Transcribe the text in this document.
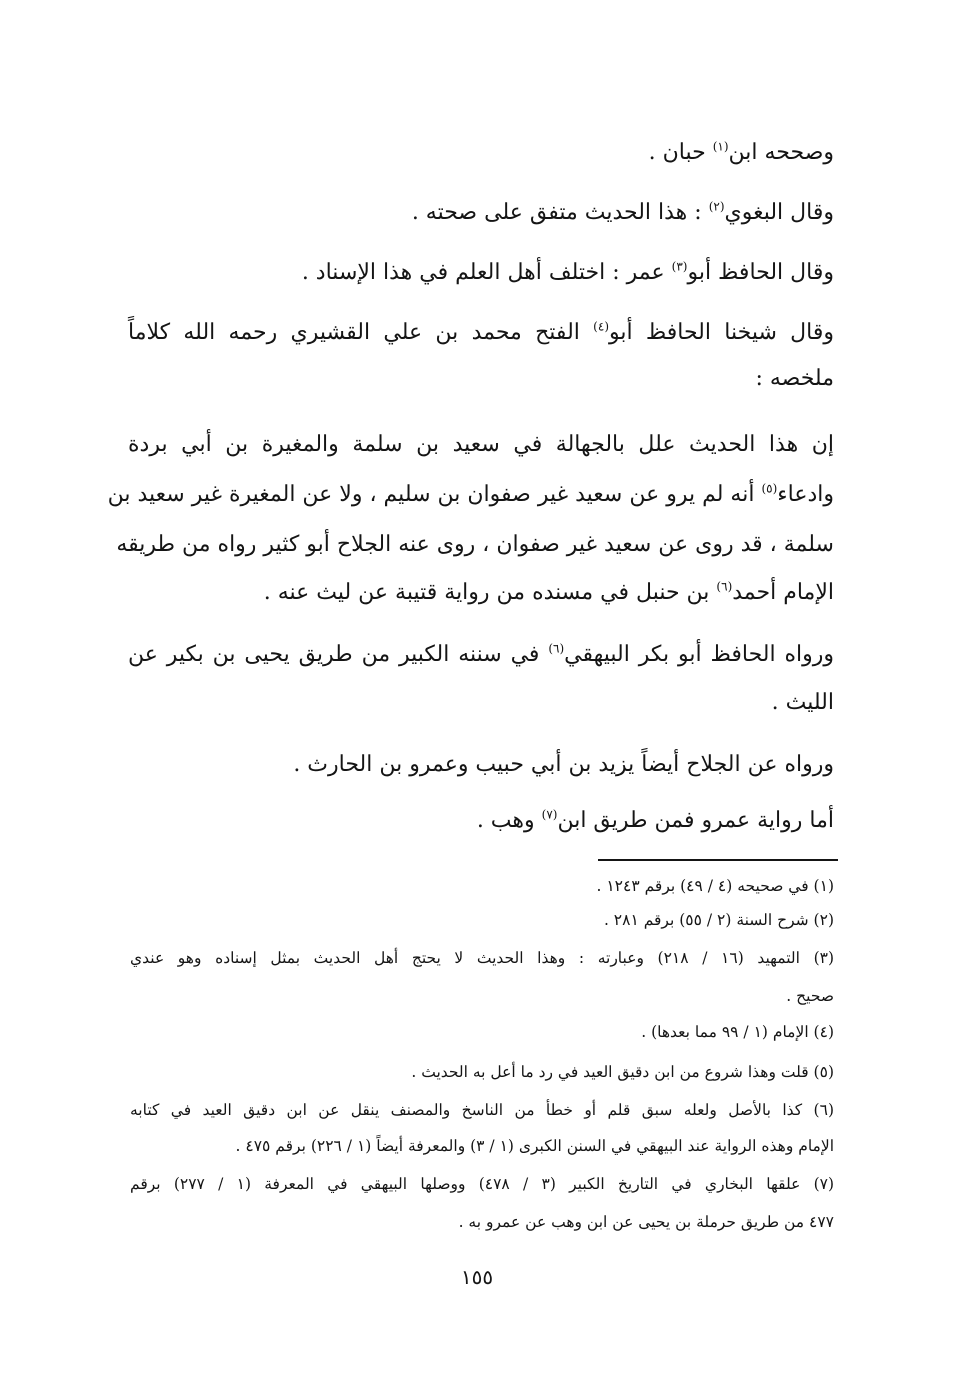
وصححه ابن$^{(١)}$ حبان .

وقال البغوي$^{(٢)}$ : هذا الحديث متفق على صحته .

وقال الحافظ أبو$^{(٣)}$ عمر : اختلف أهل العلم في هذا الإسناد .

وقال شيخنا الحافظ أبو$^{(٤)}$ الفتح محمد بن علي القشيري رحمه الله كلاماً

ملخصه :

إن هذا الحديث علل بالجهالة في سعيد بن سلمة والمغيرة بن أبي بردة

وادعاء$^{(٥)}$ أنه لم يرو عن سعيد غير صفوان بن سليم ، ولا عن المغيرة غير سعيد بن

سلمة ، قد روى عن سعيد غير صفوان ، روى عنه الجلاح أبو كثير رواه من طريقه

الإمام أحمد$^{(٦)}$ بن حنبل في مسنده من رواية قتيبة عن ليث عنه .

ورواه الحافظ أبو بكر البيهقي$^{(٦)}$ في سننه الكبير من طريق يحيى بن بكير عن

الليث .

ورواه عن الجلاح أيضاً يزيد بن أبي حبيب وعمرو بن الحارث .

أما رواية عمرو فمن طريق ابن$^{(٧)}$ وهب .

(١) في صحيحه (٤ / ٤٩) برقم ١٢٤٣ .

(٢) شرح السنة (٢ / ٥٥) برقم ٢٨١ .

(٣) التمهيد (١٦ / ٢١٨) وعبارته : وهذا الحديث لا يحتج أهل الحديث بمثل إسناده وهو عندي

صحيح .

(٤) الإمام (١ / ٩٩ مما بعدها) .

(٥) قلت وهذا شروع من ابن دقيق العيد في رد ما أعل به الحديث .

(٦) كذا بالأصل ولعله سبق قلم أو خطأ من الناسخ والمصنف ينقل عن ابن دقيق العيد في كتابه

الإمام وهذه الرواية عند البيهقي في السنن الكبرى (١ / ٣) والمعرفة أيضاً (١ / ٢٢٦) برقم ٤٧٥ .

(٧) علقها البخاري في التاريخ الكبير (٣ / ٤٧٨) ووصلها البيهقي في المعرفة (١ / ٢٧٧) برقم

٤٧٧ من طريق حرملة بن يحيى عن ابن وهب عن عمرو به .

١٥٥
